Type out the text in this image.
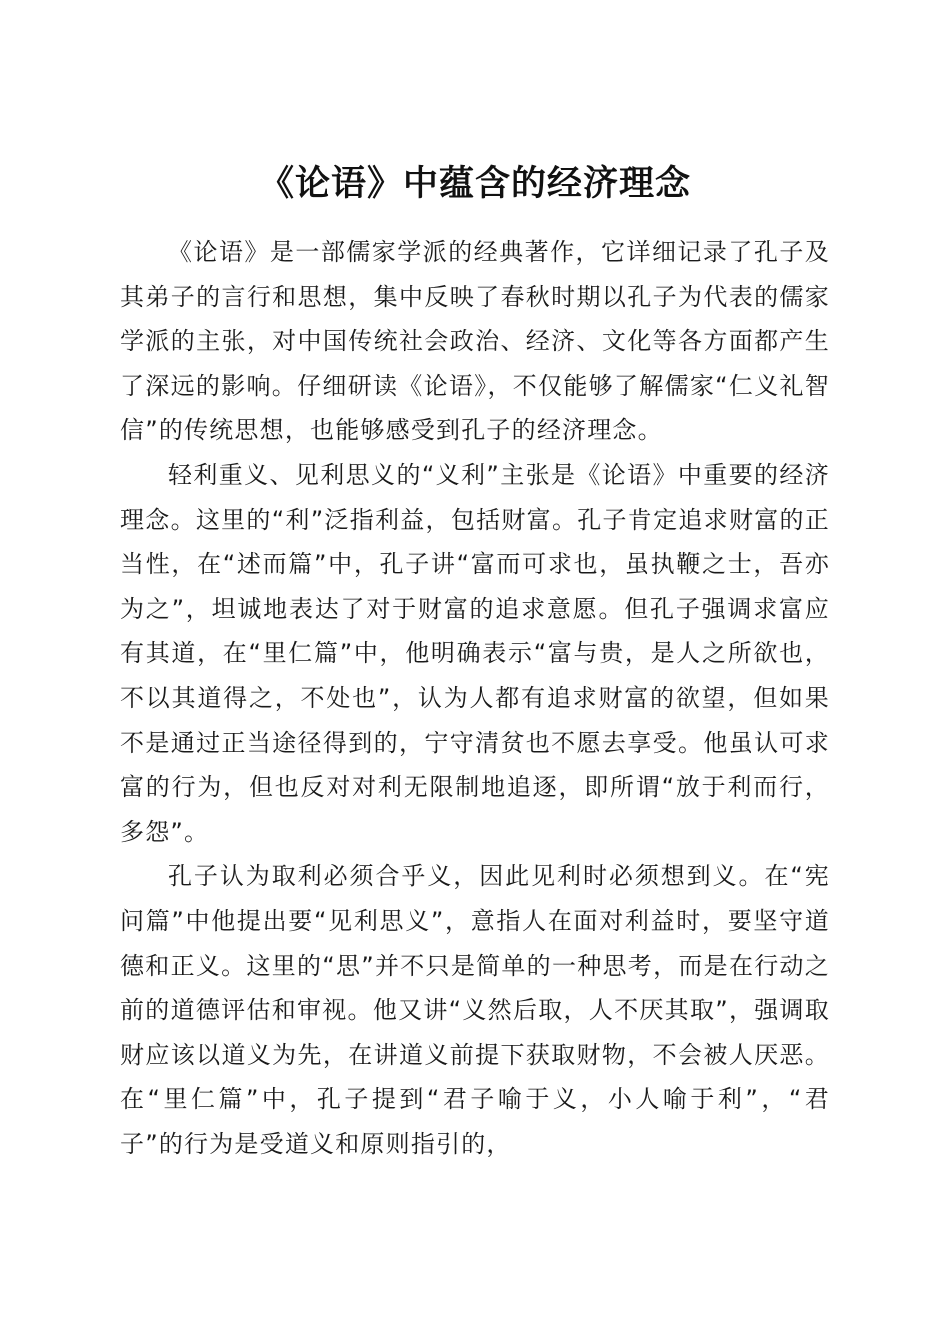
《论语》中蕴含的经济理念

《论语》是一部儒家学派的经典著作，它详细记录了孔子及其弟子的言行和思想，集中反映了春秋时期以孔子为代表的儒家学派的主张，对中国传统社会政治、经济、文化等各方面都产生了深远的影响。仔细研读《论语》，不仅能够了解儒家“仁义礼智信”的传统思想，也能够感受到孔子的经济理念。

轻利重义、见利思义的“义利”主张是《论语》中重要的经济理念。这里的“利”泛指利益，包括财富。孔子肯定追求财富的正当性，在“述而篇”中，孔子讲“富而可求也，虽执鞭之士，吾亦为之”，坦诚地表达了对于财富的追求意愿。但孔子强调求富应有其道，在“里仁篇”中，他明确表示“富与贵，是人之所欲也，不以其道得之，不处也”，认为人都有追求财富的欲望，但如果不是通过正当途径得到的，宁守清贫也不愿去享受。他虽认可求富的行为，但也反对对利无限制地追逐，即所谓“放于利而行，多怨”。

孔子认为取利必须合乎义，因此见利时必须想到义。在“宪问篇”中他提出要“见利思义”，意指人在面对利益时，要坚守道德和正义。这里的“思”并不只是简单的一种思考，而是在行动之前的道德评估和审视。他又讲“义然后取，人不厌其取”，强调取财应该以道义为先，在讲道义前提下获取财物，不会被人厌恶。在“里仁篇”中，孔子提到“君子喻于义，小人喻于利”，“君子”的行为是受道义和原则指引的，
